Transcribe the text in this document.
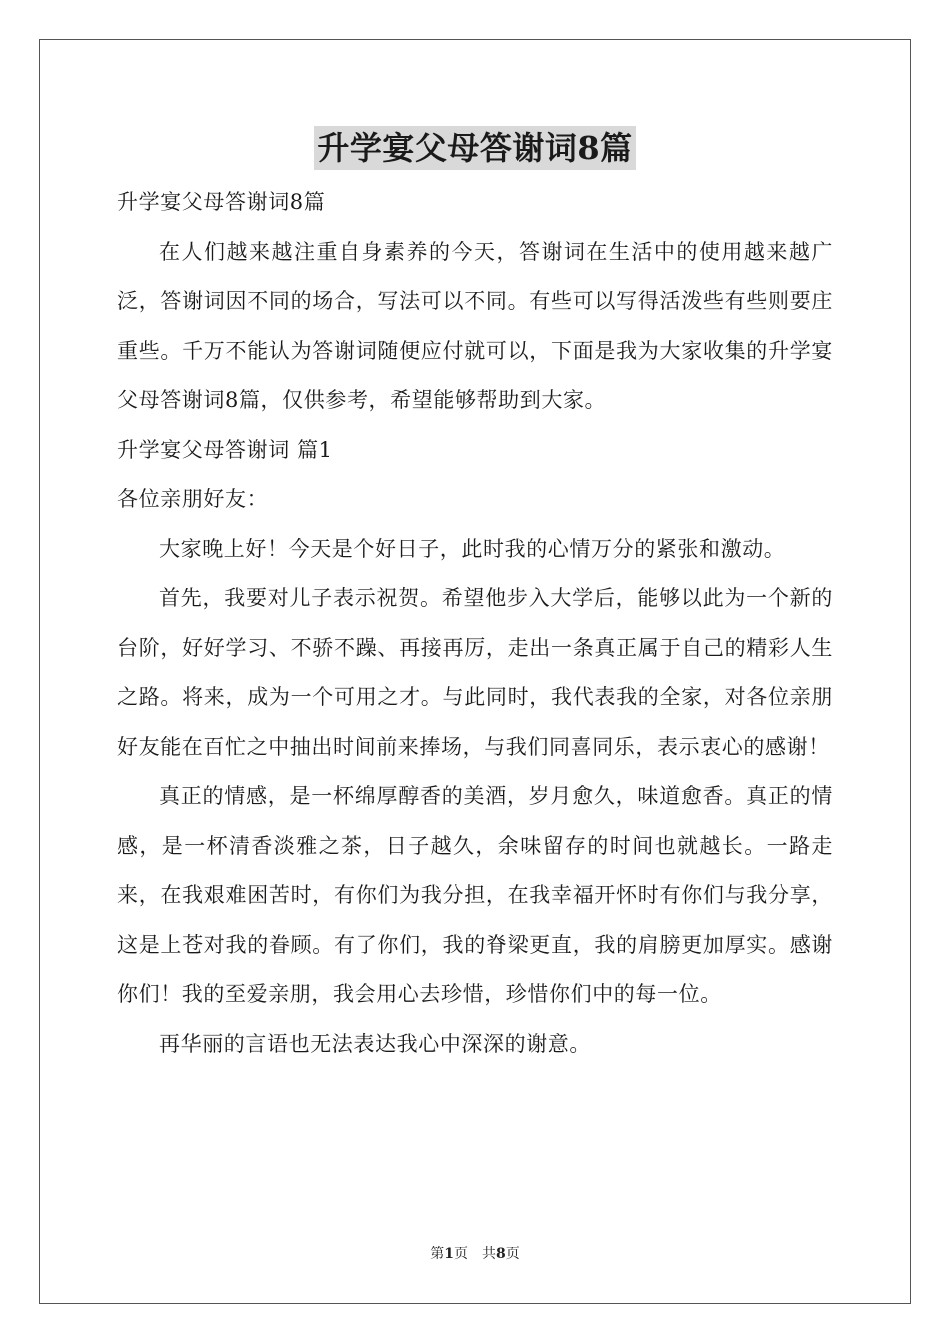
升学宴父母答谢词8篇

升学宴父母答谢词8篇

在人们越来越注重自身素养的今天，答谢词在生活中的使用越来越广泛，答谢词因不同的场合，写法可以不同。有些可以写得活泼些有些则要庄重些。千万不能认为答谢词随便应付就可以，下面是我为大家收集的升学宴父母答谢词8篇，仅供参考，希望能够帮助到大家。

升学宴父母答谢词 篇1

各位亲朋好友：

大家晚上好！今天是个好日子，此时我的心情万分的紧张和激动。

首先，我要对儿子表示祝贺。希望他步入大学后，能够以此为一个新的台阶，好好学习、不骄不躁、再接再厉，走出一条真正属于自己的精彩人生之路。将来，成为一个可用之才。与此同时，我代表我的全家，对各位亲朋好友能在百忙之中抽出时间前来捧场，与我们同喜同乐，表示衷心的感谢！

真正的情感，是一杯绵厚醇香的美酒，岁月愈久，味道愈香。真正的情感，是一杯清香淡雅之茶，日子越久，余味留存的时间也就越长。一路走来，在我艰难困苦时，有你们为我分担，在我幸福开怀时有你们与我分享，这是上苍对我的眷顾。有了你们，我的脊梁更直，我的肩膀更加厚实。感谢你们！我的至爱亲朋，我会用心去珍惜，珍惜你们中的每一位。

再华丽的言语也无法表达我心中深深的谢意。

第1页　共8页
